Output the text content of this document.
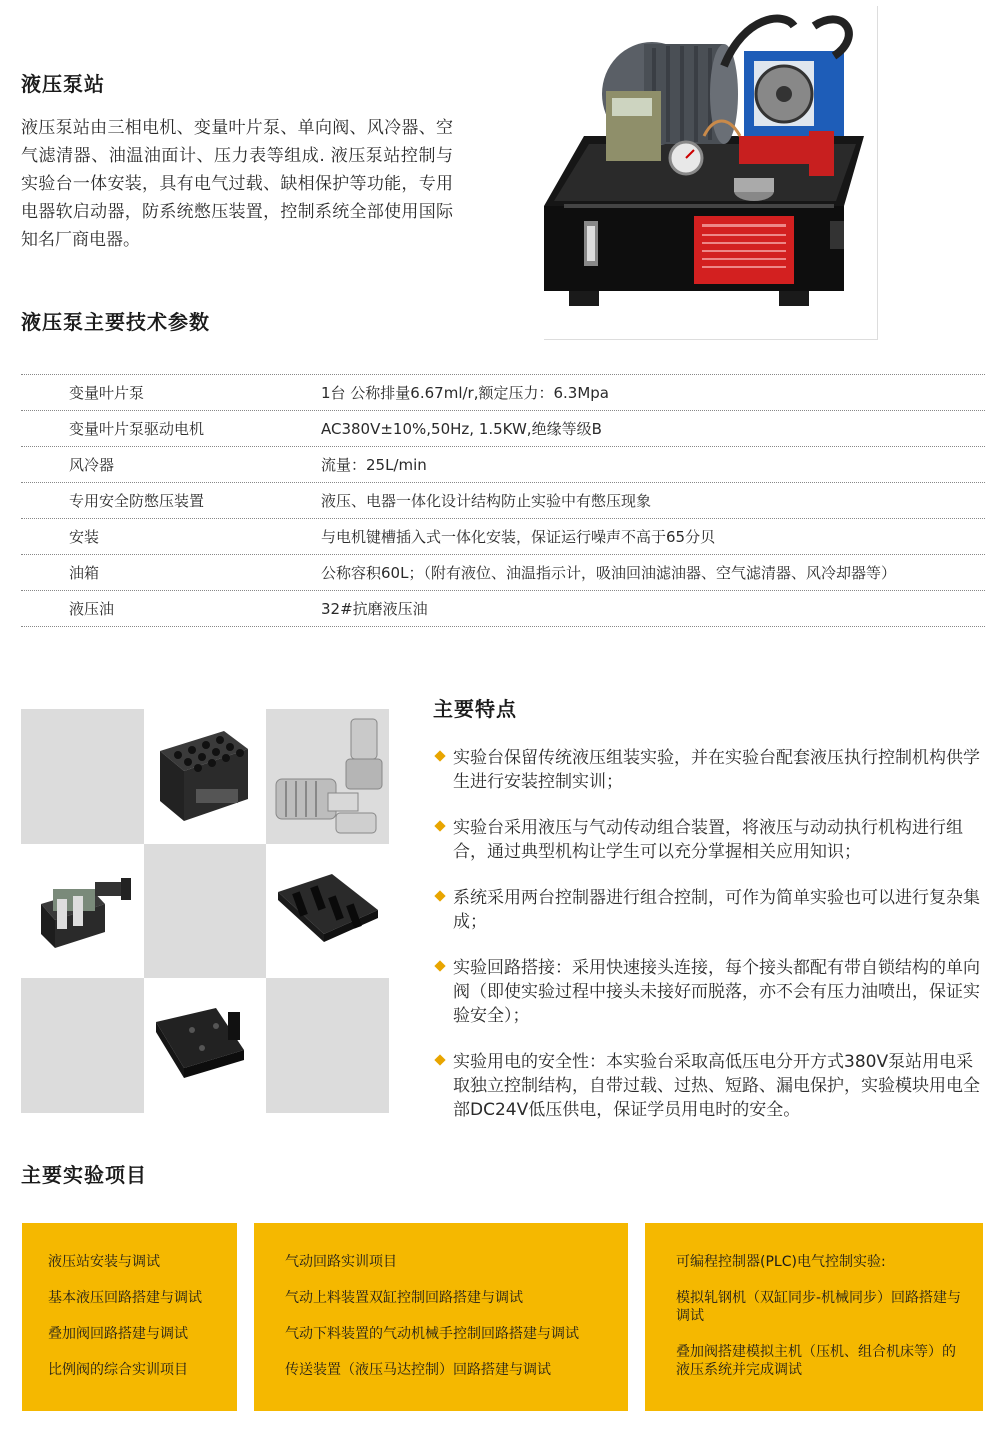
液压泵站

液压泵站由三相电机、变量叶片泵、单向阀、风冷器、空气滤清器、油温油面计、压力表等组成. 液压泵站控制与实验台一体安装，具有电气过载、缺相保护等功能，专用电器软启动器，防系统憋压装置，控制系统全部使用国际知名厂商电器。

液压泵主要技术参数
变量叶片泵	1台 公称排量6.67ml/r,额定压力：6.3Mpa
变量叶片泵驱动电机	AC380V±10%,50Hz, 1.5KW,绝缘等级B
风冷器	流量：25L/min
专用安全防憋压装置	液压、电器一体化设计结构防止实验中有憋压现象
安装	与电机键槽插入式一体化安装，保证运行噪声不高于65分贝
油箱	公称容积60L；（附有液位、油温指示计，吸油回油滤油器、空气滤清器、风冷却器等）
液压油	32#抗磨液压油
主要特点
实验台保留传统液压组装实验，并在实验台配套液压执行控制机构供学生进行安装控制实训；
实验台采用液压与气动传动组合装置，将液压与动动执行机构进行组合，通过典型机构让学生可以充分掌握相关应用知识；
系统采用两台控制器进行组合控制，可作为简单实验也可以进行复杂集成；
实验回路搭接：采用快速接头连接，每个接头都配有带自锁结构的单向阀（即使实验过程中接头未接好而脱落，亦不会有压力油喷出，保证实验安全）；
实验用电的安全性：本实验台采取高低压电分开方式380V泵站用电采取独立控制结构，自带过载、过热、短路、漏电保护，实验模块用电全部DC24V低压供电，保证学员用电时的安全。
主要实验项目
液压站安装与调试
基本液压回路搭建与调试
叠加阀回路搭建与调试
比例阀的综合实训项目
气动回路实训项目
气动上料装置双缸控制回路搭建与调试
气动下料装置的气动机械手控制回路搭建与调试
传送装置（液压马达控制）回路搭建与调试
可编程控制器(PLC)电气控制实验:
模拟轧钢机（双缸同步-机械同步）回路搭建与调试
叠加阀搭建模拟主机（压机、组合机床等）的液压系统并完成调试
